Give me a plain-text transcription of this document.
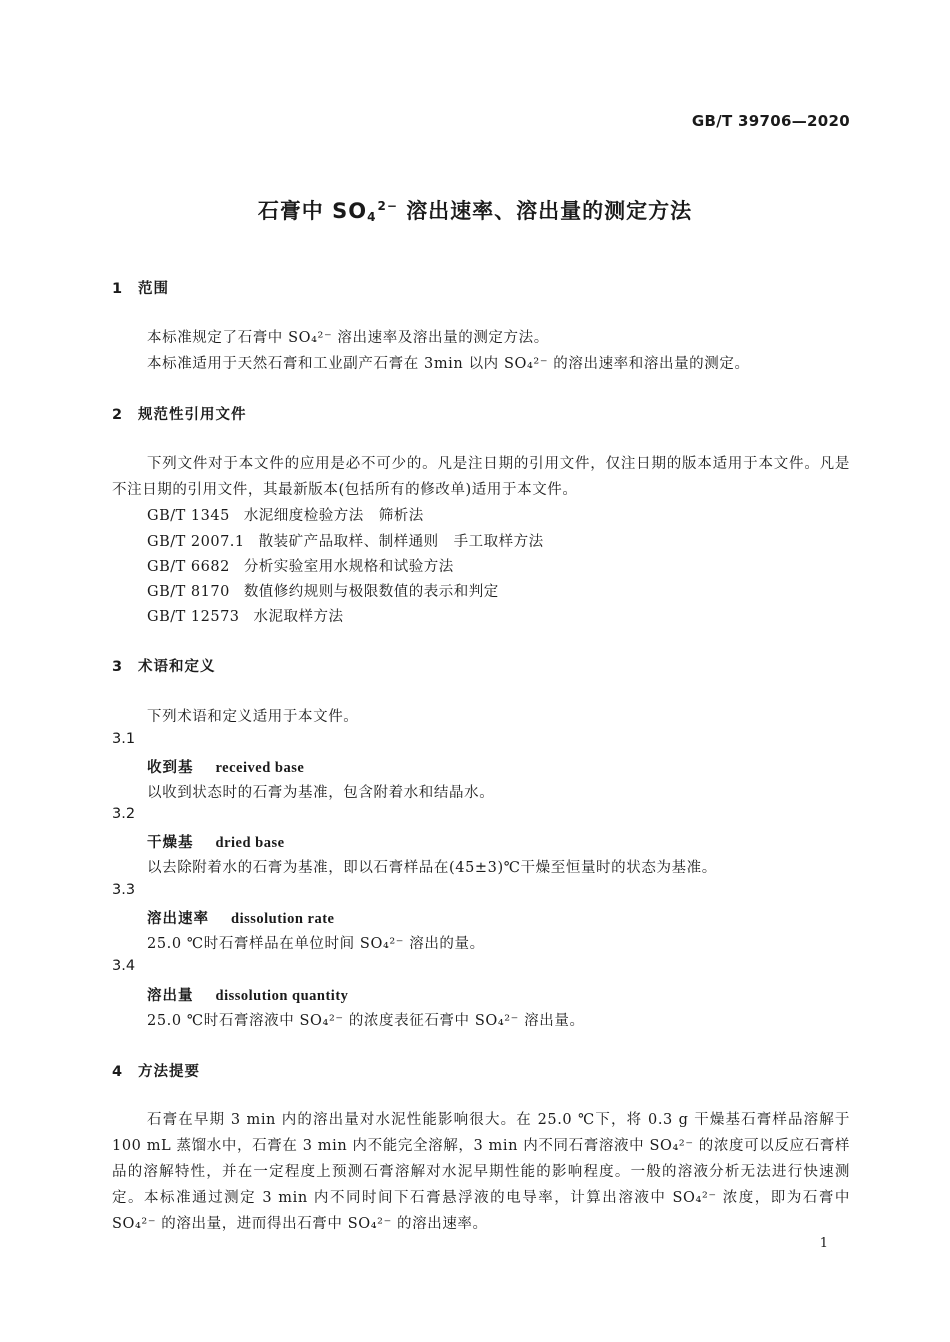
GB/T 39706—2020
石膏中 $SO_4^{2-}$ 溶出速率、溶出量的测定方法
1 范围
本标准规定了石膏中 SO₄²⁻ 溶出速率及溶出量的测定方法。
本标准适用于天然石膏和工业副产石膏在 3min 以内 SO₄²⁻ 的溶出速率和溶出量的测定。
2 规范性引用文件
下列文件对于本文件的应用是必不可少的。凡是注日期的引用文件，仅注日期的版本适用于本文件。凡是不注日期的引用文件，其最新版本(包括所有的修改单)适用于本文件。
GB/T 1345 水泥细度检验方法　筛析法
GB/T 2007.1 散装矿产品取样、制样通则　手工取样方法
GB/T 6682 分析实验室用水规格和试验方法
GB/T 8170 数值修约规则与极限数值的表示和判定
GB/T 12573 水泥取样方法
3 术语和定义
下列术语和定义适用于本文件。
3.1
收到基 received base
以收到状态时的石膏为基准，包含附着水和结晶水。
3.2
干燥基 dried base
以去除附着水的石膏为基准，即以石膏样品在(45±3)℃干燥至恒量时的状态为基准。
3.3
溶出速率 dissolution rate
25.0 ℃时石膏样品在单位时间 SO₄²⁻ 溶出的量。
3.4
溶出量 dissolution quantity
25.0 ℃时石膏溶液中 SO₄²⁻ 的浓度表征石膏中 SO₄²⁻ 溶出量。
4 方法提要
石膏在早期 3 min 内的溶出量对水泥性能影响很大。在 25.0 ℃下，将 0.3 g 干燥基石膏样品溶解于 100 mL 蒸馏水中，石膏在 3 min 内不能完全溶解，3 min 内不同石膏溶液中 SO₄²⁻ 的浓度可以反应石膏样品的溶解特性，并在一定程度上预测石膏溶解对水泥早期性能的影响程度。一般的溶液分析无法进行快速测定。本标准通过测定 3 min 内不同时间下石膏悬浮液的电导率，计算出溶液中 SO₄²⁻ 浓度，即为石膏中 SO₄²⁻ 的溶出量，进而得出石膏中 SO₄²⁻ 的溶出速率。
1
